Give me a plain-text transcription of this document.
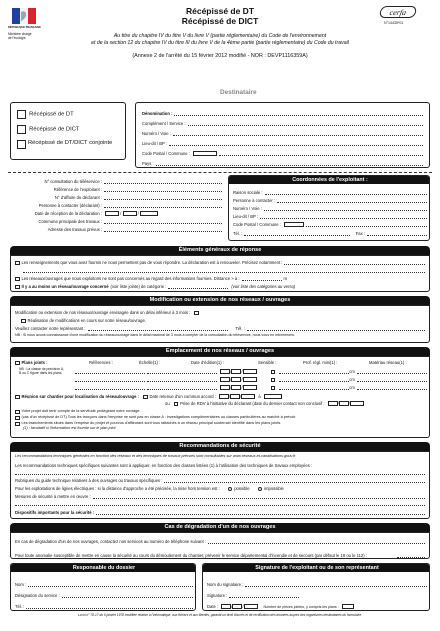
RÉPUBLIQUE FRANÇAISE
Ministère chargé
de l'écologie
Récépissé de DT
Récépissé de DICT
cerfa
N°14435*01
Au titre du chapitre IV du titre V du livre V (partie réglementaire) du Code de l'environnement
et de la section 12 du chapitre IV du titre III du livre V de la 4ème partie (partie réglementaire) du Code du travail
(Annexe 2 de l'arrêté du 15 février 2012 modifié - NOR : DEVP1116359A)
Destinataire
Récépissé de DT
Récépissé de DICT
Récépissé de DT/DICT conjointe
Dénomination :
Complément / Service :
Numéro / Voie :
Lieu-dit / BP :
Code Postal / Commune :
Pays :
N° consultation du téléservice :
Référence de l'exploitant :
N° d'affaire du déclarant :
Personne à contacter (déclarant) :
Date de réception de la déclaration :	/	/
Commune principale des travaux :
Adresse des travaux prévus :
Coordonnées de l'exploitant :
Raison sociale :
Personne à contacter :
Numéro / Voie :
Lieu-dit / BP :
Code Postal / Commune :
Tél. :	Fax :
Éléments généraux de réponse
Les renseignements que vous avez fournis ne nous permettent pas de vous répondre. La déclaration est à renouveler. Précisez notamment :
Les réseaux/ouvrages que nous exploitons ne sont pas concernés au regard des informations fournies. Distance > à :	m
Il y a au moins un réseau/ouvrage concerné (voir liste jointe) de catégorie :	(voir liste des catégories au verso)
Modification ou extension de nos réseaux / ouvrages
Modification ou extension de nos réseaux/ouvrage envisagée dans un délai inférieur à 3 mois :
Réalisation de modifications en cours sur notre réseau/ouvrage.
Veuillez contacter notre représentant :	Tél. :
NB : Si nous avons connaissance d'une modification du réseau/ouvrage dans le délai maximal de 3 mois à compter de la consultation du téléservice, nous vous en informerons.
Emplacement de nos réseaux / ouvrages
Plans joints :
NB : La classe de précision A, B ou C figure dans les plans.
Références :	Échelle(1) :	Date d'édition(1) :	Sensible :	Prof. régl. mini(1) :	Matériau réseau(1) :
cm
cm
cm
Réunion sur chantier pour localisation du réseau/ouvrage :	Date retenue d'un commun accord :	à
ou	Prise de RDV à l'initiative du déclarant (date du dernier contact non conclusif :
Votre projet doit tenir compte de la servitude protégeant notre ouvrage.
(cas d'un récépissé de DT) Tous les tronçons dans l'emprise ne sont pas en classe A : investigations complémentaires ou clauses particulières au marché à prévoir.
Les branchements situés dans l'emprise du projet et pourvus d'affleurant sont tous rattachés à un réseau principal souterrain identifié dans les plans joints.
(1) : facultatif si l'information est fournie sur le plan joint
Recommandations de sécurité
Les recommandations techniques générales en fonction des réseaux et des techniques de travaux prévues sont consultables sur www.reseaux-et-canalisations.gouv.fr
Les recommandations techniques spécifiques suivantes sont à appliquer, en fonction des classes listées (1) à l'utilisation des techniques de travaux employées :
Rubriques du guide technique relatives à des ouvrages ou travaux spécifiques :
Pour les exploitations de lignes électriques : si la distance d'approche a été précisée, la mise hors tension est :	possible	impossible
Mesures de sécurité à mettre en œuvre :
Dispositifs importants pour la sécurité :
Cas de dégradation d'un de nos ouvrages
En cas de dégradation d'un de nos ouvrages, contactez nos services au numéro de téléphone suivant :
Pour toute anomalie susceptible de mettre en cause la sécurité au cours du démoulement du chantier, prévenir le service départemental d'incendie et de secours (par défaut le 18 ou le 112) :
Responsable du dossier
Nom :
Désignation du service :
Tél. :
Signature de l'exploitant ou de son représentant
Nom du signataire :
Signature :
Date :	Nombre de pièces jointes, y compris les plans :
La loi n° 78-17 du 6 janvier 1978 modifiée relative à l'informatique, aux fichiers et aux libertés, garantit un droit d'accès et de rectification des données auprès des organismes destinataires du formulaire.
